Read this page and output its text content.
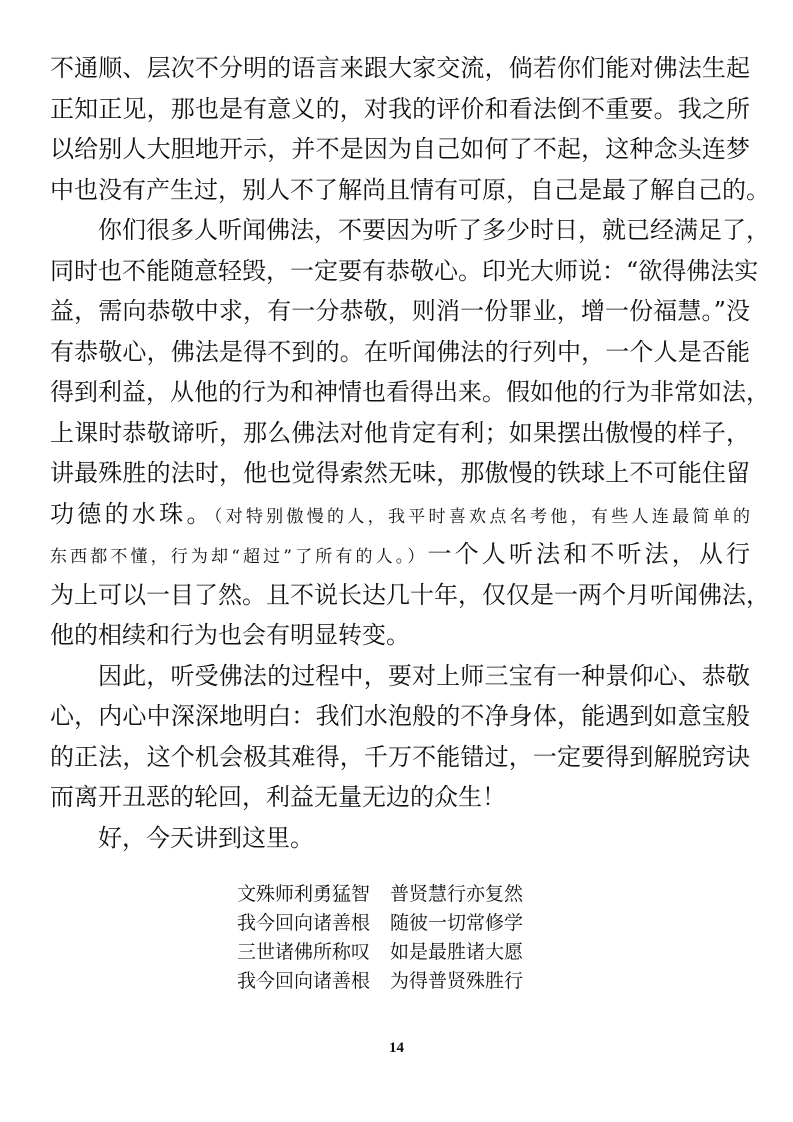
不通顺、层次不分明的语言来跟大家交流，倘若你们能对佛法生起
正知正见，那也是有意义的，对我的评价和看法倒不重要。我之所
以给别人大胆地开示，并不是因为自己如何了不起，这种念头连梦
中也没有产生过，别人不了解尚且情有可原，自己是最了解自己的。
你们很多人听闻佛法，不要因为听了多少时日，就已经满足了，
同时也不能随意轻毁，一定要有恭敬心。印光大师说：“欲得佛法实
益，需向恭敬中求，有一分恭敬，则消一份罪业，增一份福慧。”没
有恭敬心，佛法是得不到的。在听闻佛法的行列中，一个人是否能
得到利益，从他的行为和神情也看得出来。假如他的行为非常如法，
上课时恭敬谛听，那么佛法对他肯定有利；如果摆出傲慢的样子，
讲最殊胜的法时，他也觉得索然无味，那傲慢的铁球上不可能住留
功德的水珠。（对特别傲慢的人，我平时喜欢点名考他，有些人连最简单的
东西都不懂，行为却“超过”了所有的人。）一个人听法和不听法，从行
为上可以一目了然。且不说长达几十年，仅仅是一两个月听闻佛法，
他的相续和行为也会有明显转变。
因此，听受佛法的过程中，要对上师三宝有一种景仰心、恭敬
心，内心中深深地明白：我们水泡般的不净身体，能遇到如意宝般
的正法，这个机会极其难得，千万不能错过，一定要得到解脱窍诀
而离开丑恶的轮回，利益无量无边的众生！
好，今天讲到这里。
文殊师利勇猛智 普贤慧行亦复然
我今回向诸善根 随彼一切常修学
三世诸佛所称叹 如是最胜诸大愿
我今回向诸善根 为得普贤殊胜行
14
